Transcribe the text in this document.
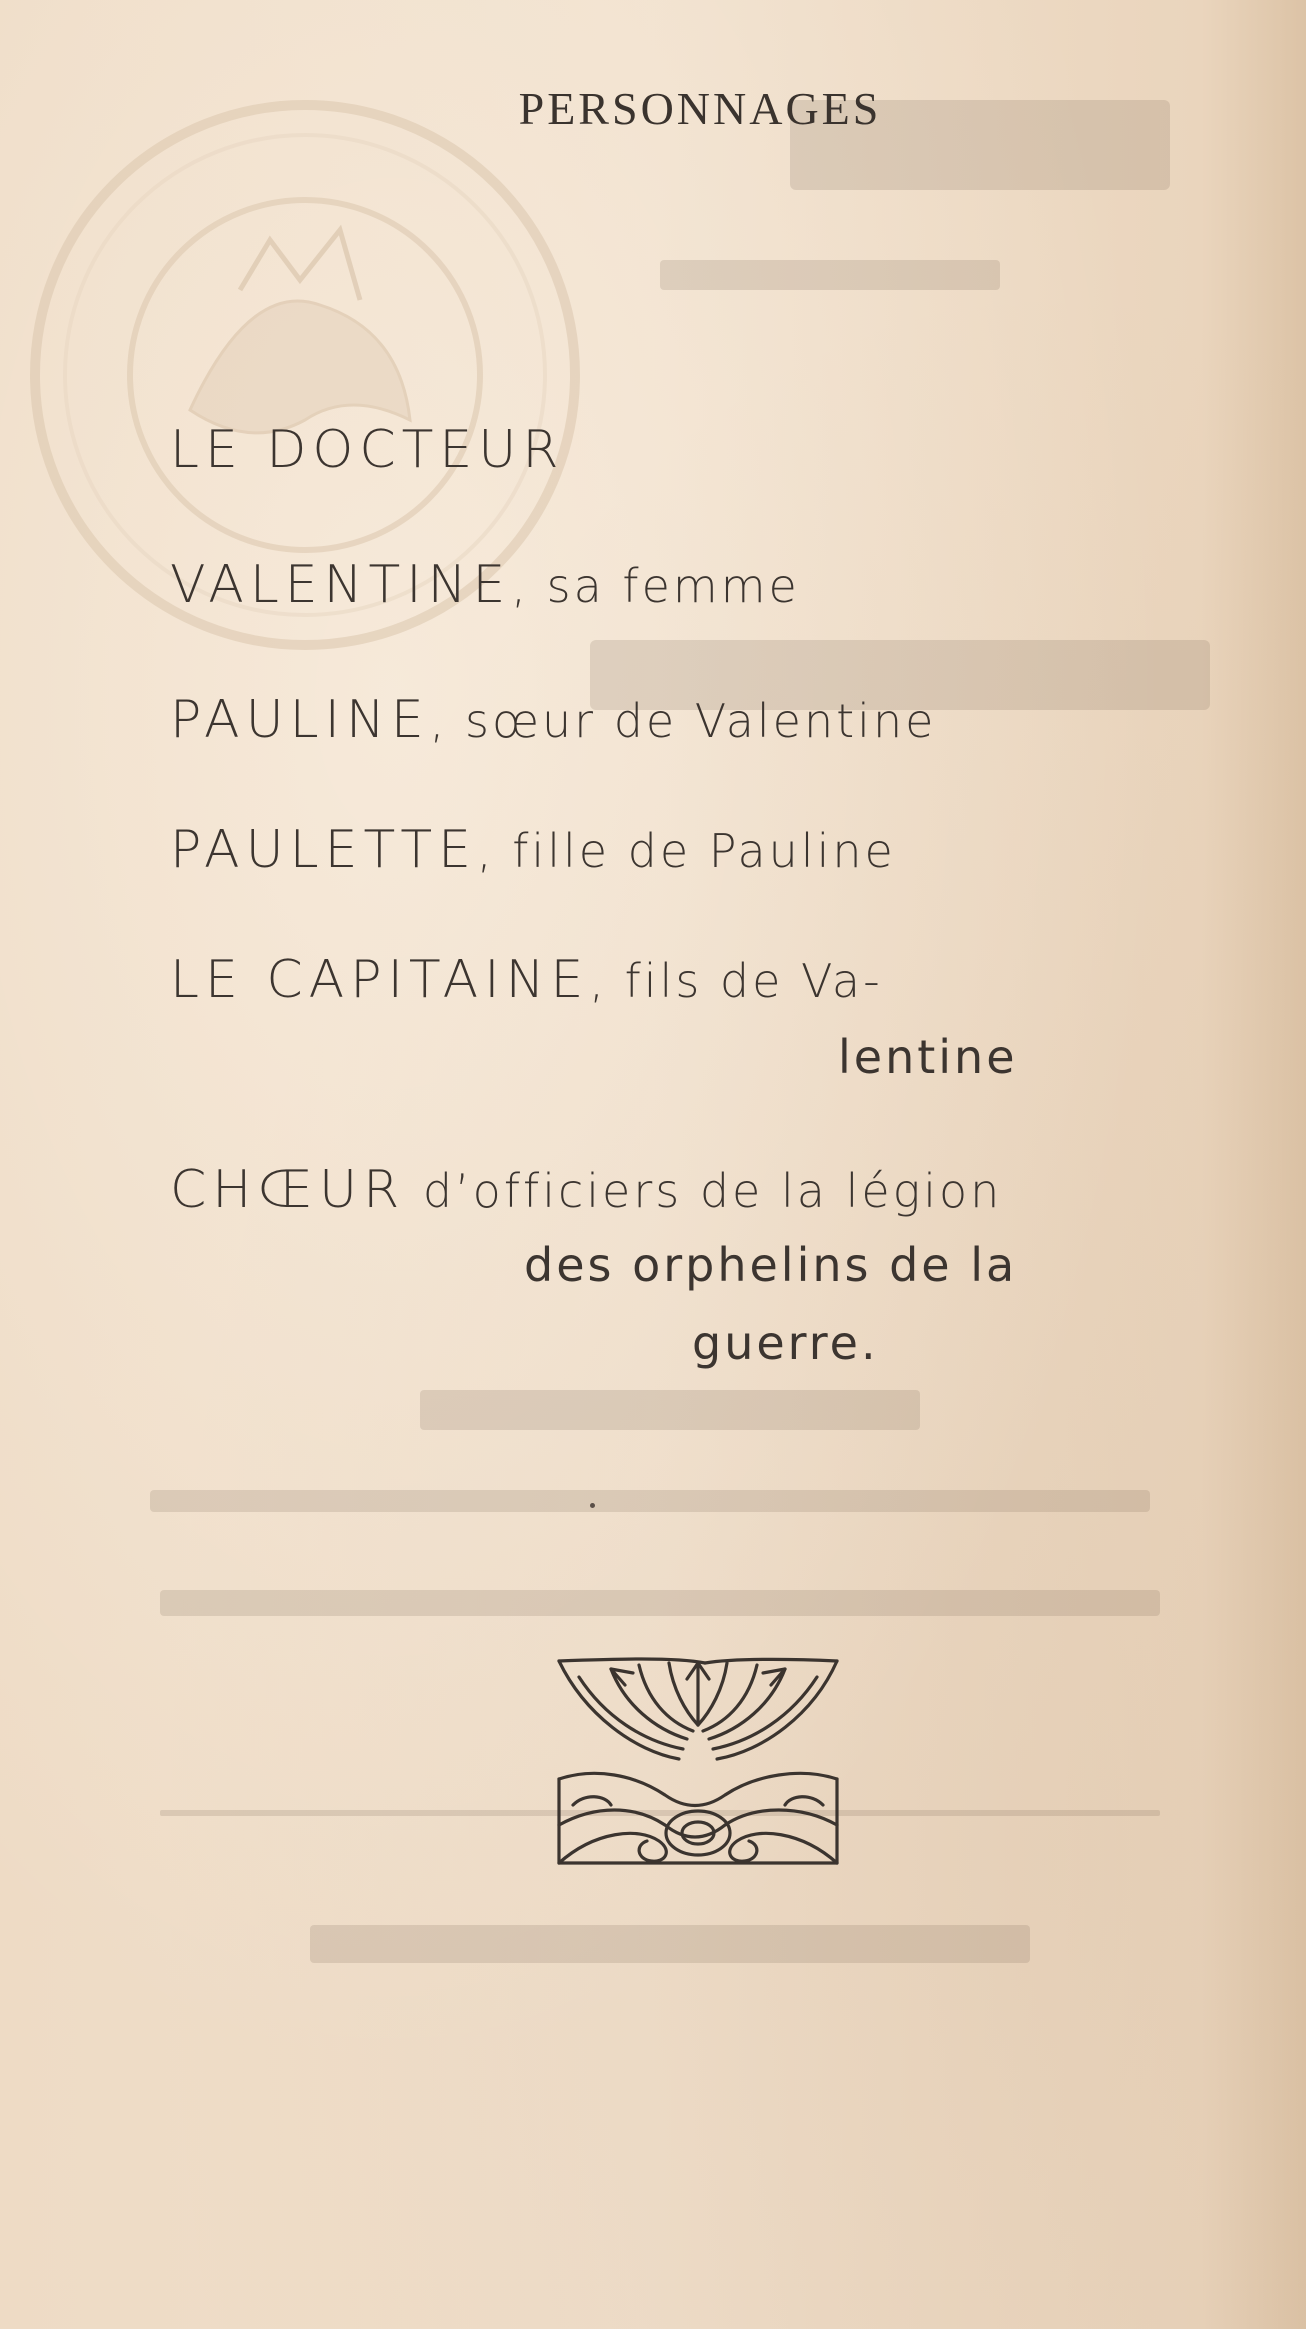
PERSONNAGES
LE DOCTEUR
VALENTINE, sa femme
PAULINE, sœur de Valentine
PAULETTE, fille de Pauline
LE CAPITAINE, fils de Va-
lentine
CHŒUR d’officiers de la légion
des orphelins de la
guerre.
